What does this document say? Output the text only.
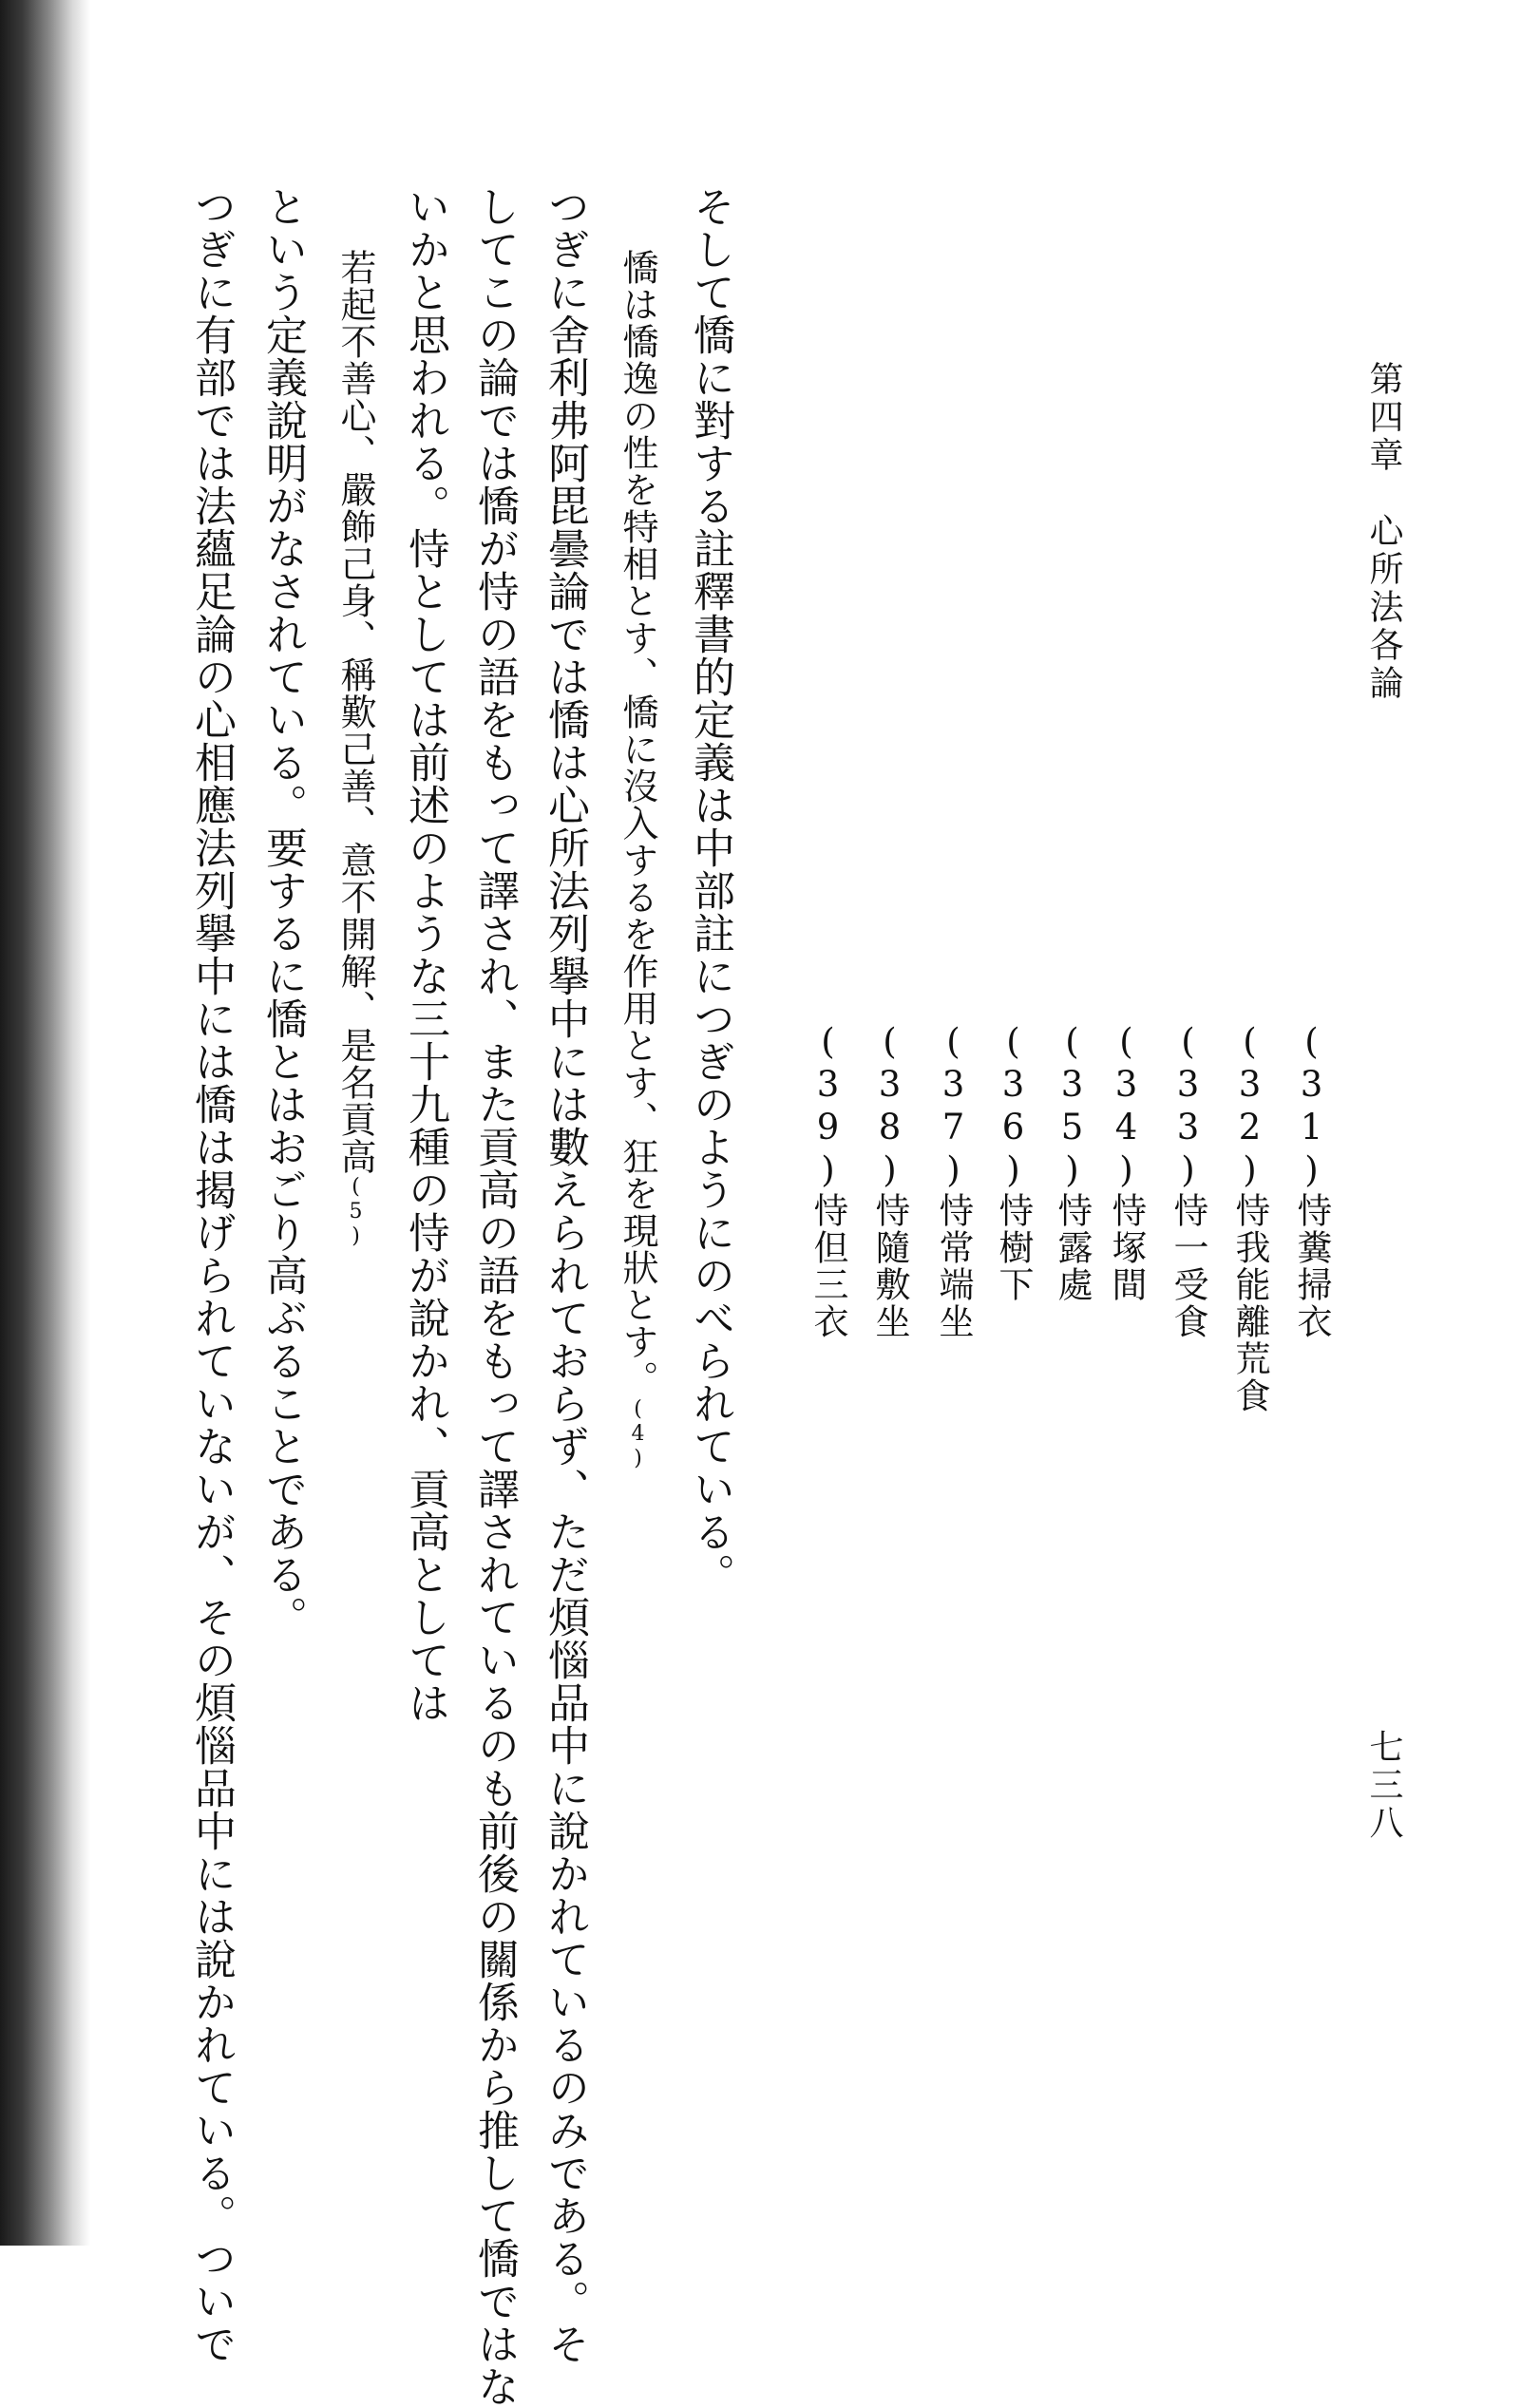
第四章　心所法各論
七三八
(31)恃糞掃衣
(32)恃我能離荒食
(33)恃一受食
(34)恃塚間
(35)恃露處
(36)恃樹下
(37)恃常端坐
(38)恃隨敷坐
(39)恃但三衣
そして憍に對する註釋書的定義は中部註につぎのようにのべられている。
憍は憍逸の性を特相とす、憍に沒入するを作用とす、狂を現狀とす。(4)
つぎに舍利弗阿毘曇論では憍は心所法列擧中には數えられておらず、ただ煩惱品中に說かれているのみである。そ
してこの論では憍が恃の語をもって譯され、また貢高の語をもって譯されているのも前後の關係から推して憍ではな
いかと思われる。恃としては前述のような三十九種の恃が說かれ、貢高としては
若起不善心、嚴飾己身、稱歎己善、意不開解、是名貢高(5)
という定義說明がなされている。要するに憍とはおごり高ぶることである。
つぎに有部では法蘊足論の心相應法列擧中には憍は揭げられていないが、その煩惱品中には說かれている。ついで
